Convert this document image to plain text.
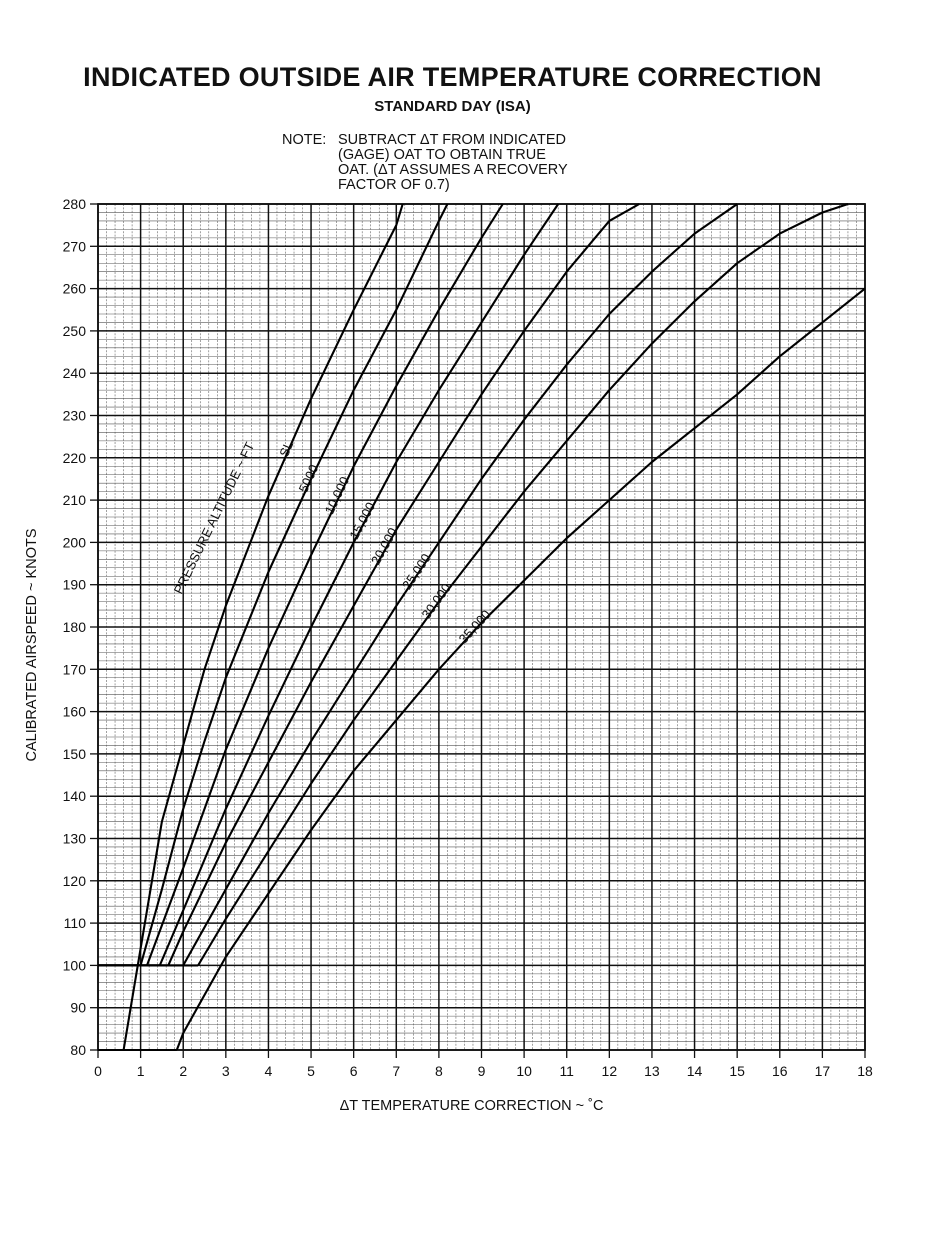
INDICATED OUTSIDE AIR TEMPERATURE CORRECTION
STANDARD DAY (ISA)
NOTE: SUBTRACT ΔT FROM INDICATED
(GAGE) OAT TO OBTAIN TRUE
OAT. (ΔT ASSUMES A RECOVERY
FACTOR OF 0.7)
0 1 2 3 4 5 6 7 8 9 10 11 12 13 14 15 16 17 18
80
90
100
110
120
130
140
150
160
170
180
190
200
210
220
230
240
250
260
270
280
SL
5000 10,000
15,000
20,000
25,000
30,000
35,000
PRESSURE ALTITUDE ~ FT
ΔT TEMPERATURE CORRECTION ~ ˚C
CALIBRATED AIRSPEED ~ KNOTS
